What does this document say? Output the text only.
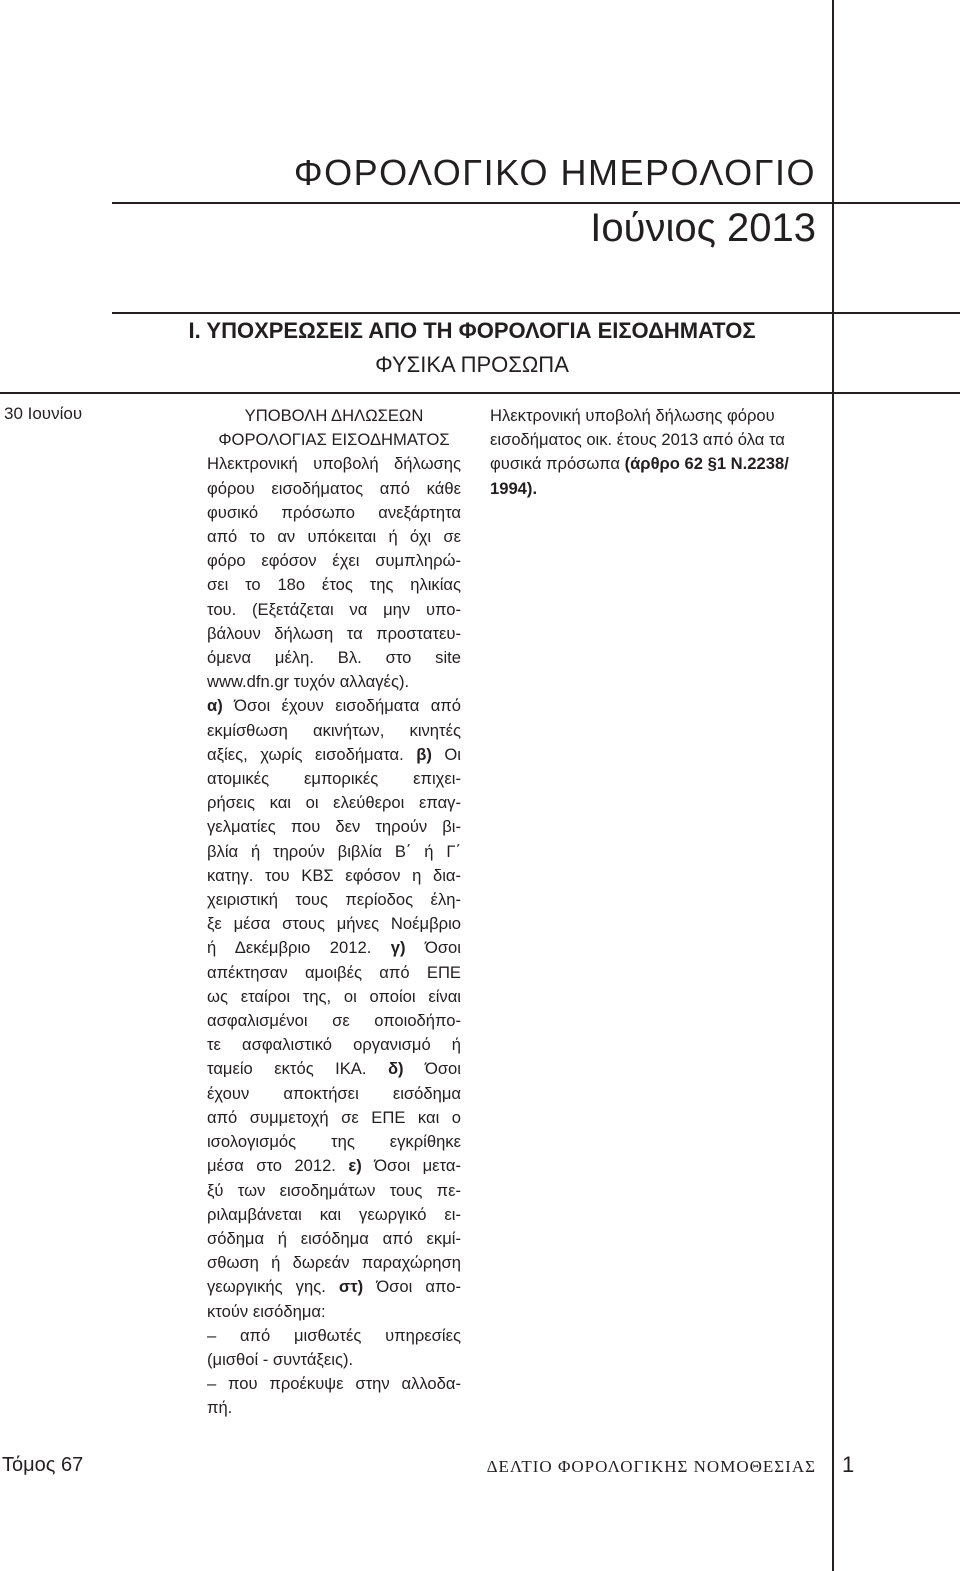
ΦΟΡΟΛΟΓΙΚΟ ΗΜΕΡΟΛΟΓΙΟ
Ιούνιος 2013
Ι. ΥΠΟΧΡΕΩΣΕΙΣ ΑΠΟ ΤΗ ΦΟΡΟΛΟΓΙΑ ΕΙΣΟΔΗΜΑΤΟΣ
ΦΥΣΙΚΑ ΠΡΟΣΩΠΑ
30 Ιουνίου	ΥΠΟΒΟΛΗ ΔΗΛΩΣΕΩΝ
ΦΟΡΟΛΟΓΙΑΣ ΕΙΣΟΔΗΜΑΤΟΣ
Ηλεκτρονική υποβολή δήλωσης
φόρου εισοδήματος από κάθε
φυσικό πρόσωπο ανεξάρτητα
από το αν υπόκειται ή όχι σε
φόρο εφόσον έχει συμπληρώ-
σει το 18ο έτος της ηλικίας
του. (Εξετάζεται να μην υπο-
βάλουν δήλωση τα προστατευ-
όμενα μέλη. Βλ. στο site
www.dfn.gr τυχόν αλλαγές).
α) Όσοι έχουν εισοδήματα από
εκμίσθωση ακινήτων, κινητές
αξίες, χωρίς εισοδήματα. β) Οι
ατομικές εμπορικές επιχει-
ρήσεις και οι ελεύθεροι επαγ-
γελματίες που δεν τηρούν βι-
βλία ή τηρούν βιβλία Β΄ ή Γ΄
κατηγ. του ΚΒΣ εφόσον η δια-
χειριστική τους περίοδος έλη-
ξε μέσα στους μήνες Νοέμβριο
ή Δεκέμβριο 2012. γ) Όσοι
απέκτησαν αμοιβές από ΕΠΕ
ως εταίροι της, οι οποίοι είναι
ασφαλισμένοι σε οποιοδήπο-
τε ασφαλιστικό οργανισμό ή
ταμείο εκτός ΙΚΑ. δ) Όσοι
έχουν αποκτήσει εισόδημα
από συμμετοχή σε ΕΠΕ και ο
ισολογισμός της εγκρίθηκε
μέσα στο 2012. ε) Όσοι μετα-
ξύ των εισοδημάτων τους πε-
ριλαμβάνεται και γεωργικό ει-
σόδημα ή εισόδημα από εκμί-
σθωση ή δωρεάν παραχώρηση
γεωργικής γης. στ) Όσοι απο-
κτούν εισόδημα:
– από μισθωτές υπηρεσίες
(μισθοί - συντάξεις).
– που προέκυψε στην αλλοδα-
πή.
Ηλεκτρονική υποβολή δήλωσης φόρου
εισοδήματος οικ. έτους 2013 από όλα τα
φυσικά πρόσωπα (άρθρο 62 §1 Ν.2238/
1994).
Τόμος 67	ΔΕΛΤΙΟ ΦΟΡΟΛΟΓΙΚΗΣ ΝΟΜΟΘΕΣΙΑΣ 1
